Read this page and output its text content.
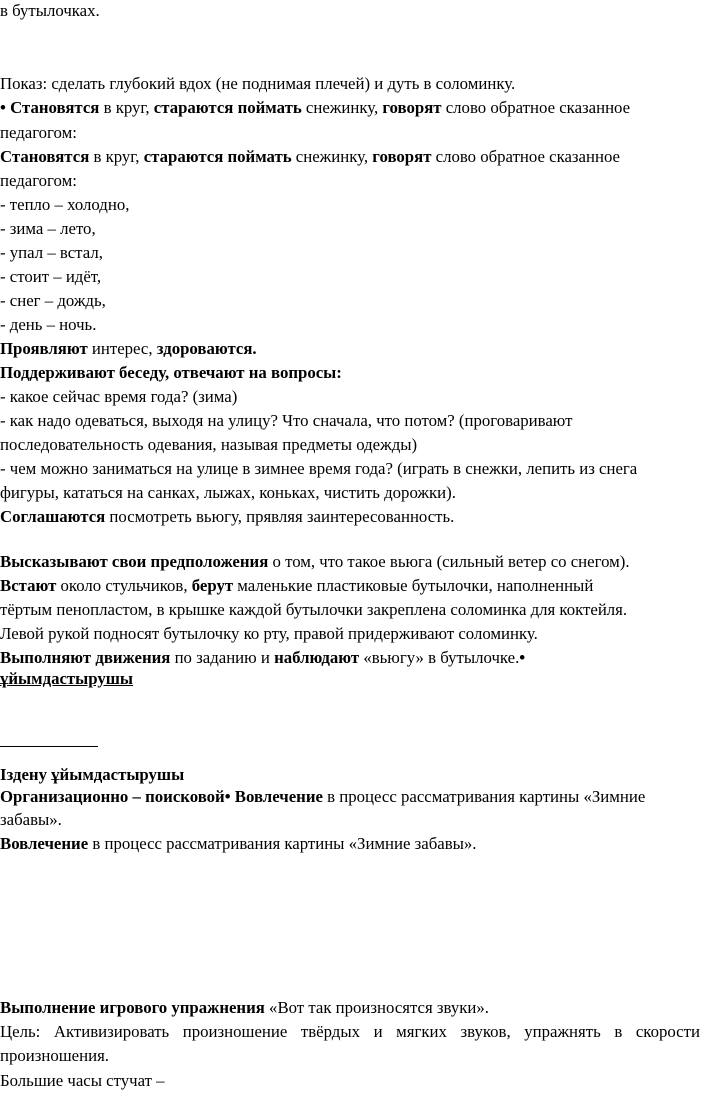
в бутылочках.
Показ: сделать глубокий вдох (не поднимая плечей) и дуть в соломинку.
• Становятся в круг, стараются поймать снежинку, говорят слово обратное сказанное
педагогом:
Становятся в круг, стараются поймать снежинку, говорят слово обратное сказанное
педагогом:
- тепло – холодно,
- зима – лето,
- упал – встал,
- стоит – идёт,
- снег – дождь,
- день – ночь.
Проявляют интерес, здороваются.
Поддерживают беседу, отвечают на вопросы:
- какое сейчас время года? (зима)
- как надо одеваться, выходя на улицу? Что сначала, что потом? (проговаривают
последовательность одевания, называя предметы одежды)
- чем можно заниматься на улице в зимнее время года? (играть в снежки, лепить из снега
фигуры, кататься на санках, лыжах, коньках, чистить дорожки).
Соглашаются посмотреть вьюгу, прявляя заинтересованность.
Высказывают свои предположения о том, что такое вьюга (сильный ветер со снегом).
Встают около стульчиков, берут маленькие пластиковые бутылочки, наполненный
тёртым пенопластом, в крышке каждой бутылочки закреплена соломинка для коктейля.
Левой рукой подносят бутылочку ко рту, правой придерживают соломинку.
Выполняют движения по заданию и наблюдают «вьюгу» в бутылочке.•
ұйымдастырушы
Іздену ұйымдастырушы
Организационно – поисковой• Вовлечение в процесс рассматривания картины «Зимние
забавы».
Вовлечение в процесс рассматривания картины «Зимние забавы».
Выполнение игрового упражнения «Вот так произносятся звуки».
Цель: Активизировать произношение твёрдых и мягких звуков, упражнять в скорости
произношения.
Большие часы стучат –
